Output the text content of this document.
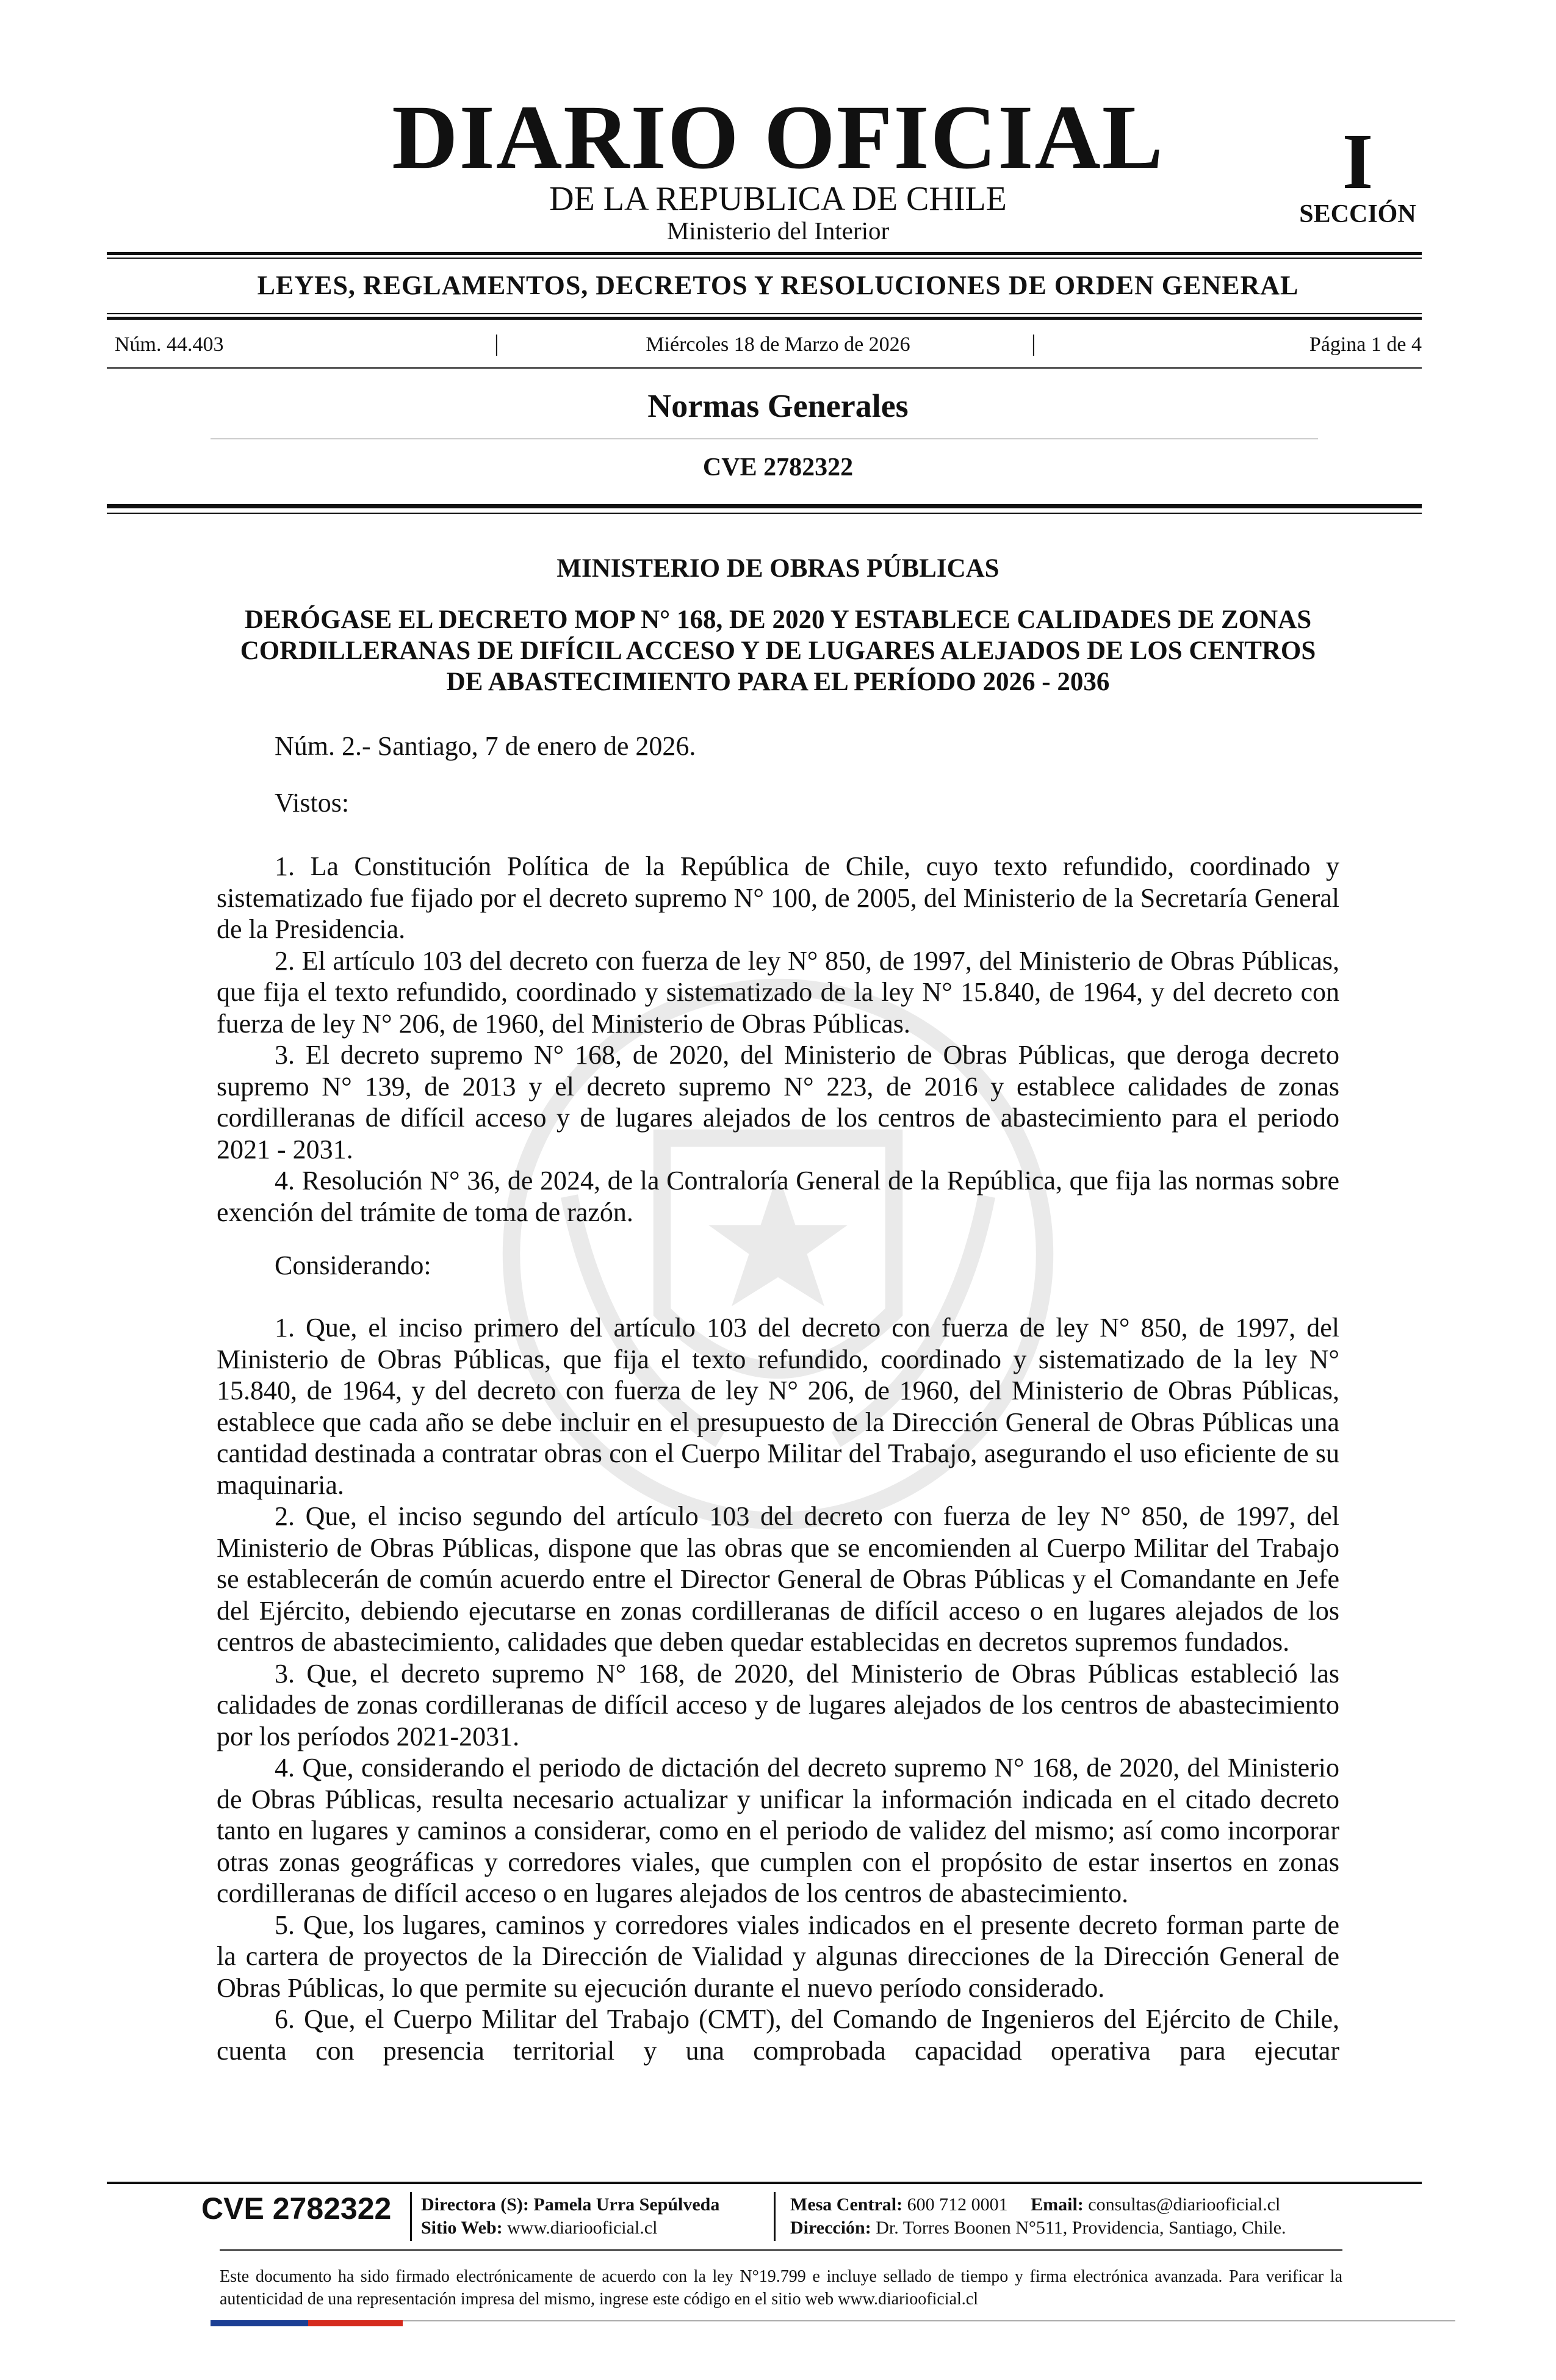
DIARIO OFICIAL
DE LA REPUBLICA DE CHILE
Ministerio del Interior
I
SECCIÓN
LEYES, REGLAMENTOS, DECRETOS Y RESOLUCIONES DE ORDEN GENERAL
Núm. 44.403	|	Miércoles 18 de Marzo de 2026	|	Página 1 de 4
Normas Generales
CVE 2782322
MINISTERIO DE OBRAS PÚBLICAS
DERÓGASE EL DECRETO MOP N° 168, DE 2020 Y ESTABLECE CALIDADES DE ZONAS CORDILLERANAS DE DIFÍCIL ACCESO Y DE LUGARES ALEJADOS DE LOS CENTROS DE ABASTECIMIENTO PARA EL PERÍODO 2026 - 2036
Núm. 2.- Santiago, 7 de enero de 2026.
Vistos:

1. La Constitución Política de la República de Chile, cuyo texto refundido, coordinado y sistematizado fue fijado por el decreto supremo N° 100, de 2005, del Ministerio de la Secretaría General de la Presidencia.

2. El artículo 103 del decreto con fuerza de ley N° 850, de 1997, del Ministerio de Obras Públicas, que fija el texto refundido, coordinado y sistematizado de la ley N° 15.840, de 1964, y del decreto con fuerza de ley N° 206, de 1960, del Ministerio de Obras Públicas.

3. El decreto supremo N° 168, de 2020, del Ministerio de Obras Públicas, que deroga decreto supremo N° 139, de 2013 y el decreto supremo N° 223, de 2016 y establece calidades de zonas cordilleranas de difícil acceso y de lugares alejados de los centros de abastecimiento para el periodo 2021 - 2031.

4. Resolución N° 36, de 2024, de la Contraloría General de la República, que fija las normas sobre exención del trámite de toma de razón.

Considerando:

1. Que, el inciso primero del artículo 103 del decreto con fuerza de ley N° 850, de 1997, del Ministerio de Obras Públicas, que fija el texto refundido, coordinado y sistematizado de la ley N° 15.840, de 1964, y del decreto con fuerza de ley N° 206, de 1960, del Ministerio de Obras Públicas, establece que cada año se debe incluir en el presupuesto de la Dirección General de Obras Públicas una cantidad destinada a contratar obras con el Cuerpo Militar del Trabajo, asegurando el uso eficiente de su maquinaria.

2. Que, el inciso segundo del artículo 103 del decreto con fuerza de ley N° 850, de 1997, del Ministerio de Obras Públicas, dispone que las obras que se encomienden al Cuerpo Militar del Trabajo se establecerán de común acuerdo entre el Director General de Obras Públicas y el Comandante en Jefe del Ejército, debiendo ejecutarse en zonas cordilleranas de difícil acceso o en lugares alejados de los centros de abastecimiento, calidades que deben quedar establecidas en decretos supremos fundados.

3. Que, el decreto supremo N° 168, de 2020, del Ministerio de Obras Públicas estableció las calidades de zonas cordilleranas de difícil acceso y de lugares alejados de los centros de abastecimiento por los períodos 2021-2031.

4. Que, considerando el periodo de dictación del decreto supremo N° 168, de 2020, del Ministerio de Obras Públicas, resulta necesario actualizar y unificar la información indicada en el citado decreto tanto en lugares y caminos a considerar, como en el periodo de validez del mismo; así como incorporar otras zonas geográficas y corredores viales, que cumplen con el propósito de estar insertos en zonas cordilleranas de difícil acceso o en lugares alejados de los centros de abastecimiento.

5. Que, los lugares, caminos y corredores viales indicados en el presente decreto forman parte de la cartera de proyectos de la Dirección de Vialidad y algunas direcciones de la Dirección General de Obras Públicas, lo que permite su ejecución durante el nuevo período considerado.

6. Que, el Cuerpo Militar del Trabajo (CMT), del Comando de Ingenieros del Ejército de Chile, cuenta con presencia territorial y una comprobada capacidad operativa para ejecutar

CVE 2782322 Directora (S): Pamela Urra Sepúlveda
Sitio Web: www.diariooficial.cl
Mesa Central: 600 712 0001 Email: consultas@diariooficial.cl
Dirección: Dr. Torres Boonen N°511, Providencia, Santiago, Chile.
Este documento ha sido firmado electrónicamente de acuerdo con la ley N°19.799 e incluye sellado de tiempo y firma electrónica avanzada. Para verificar la autenticidad de una representación impresa del mismo, ingrese este código en el sitio web www.diariooficial.cl
